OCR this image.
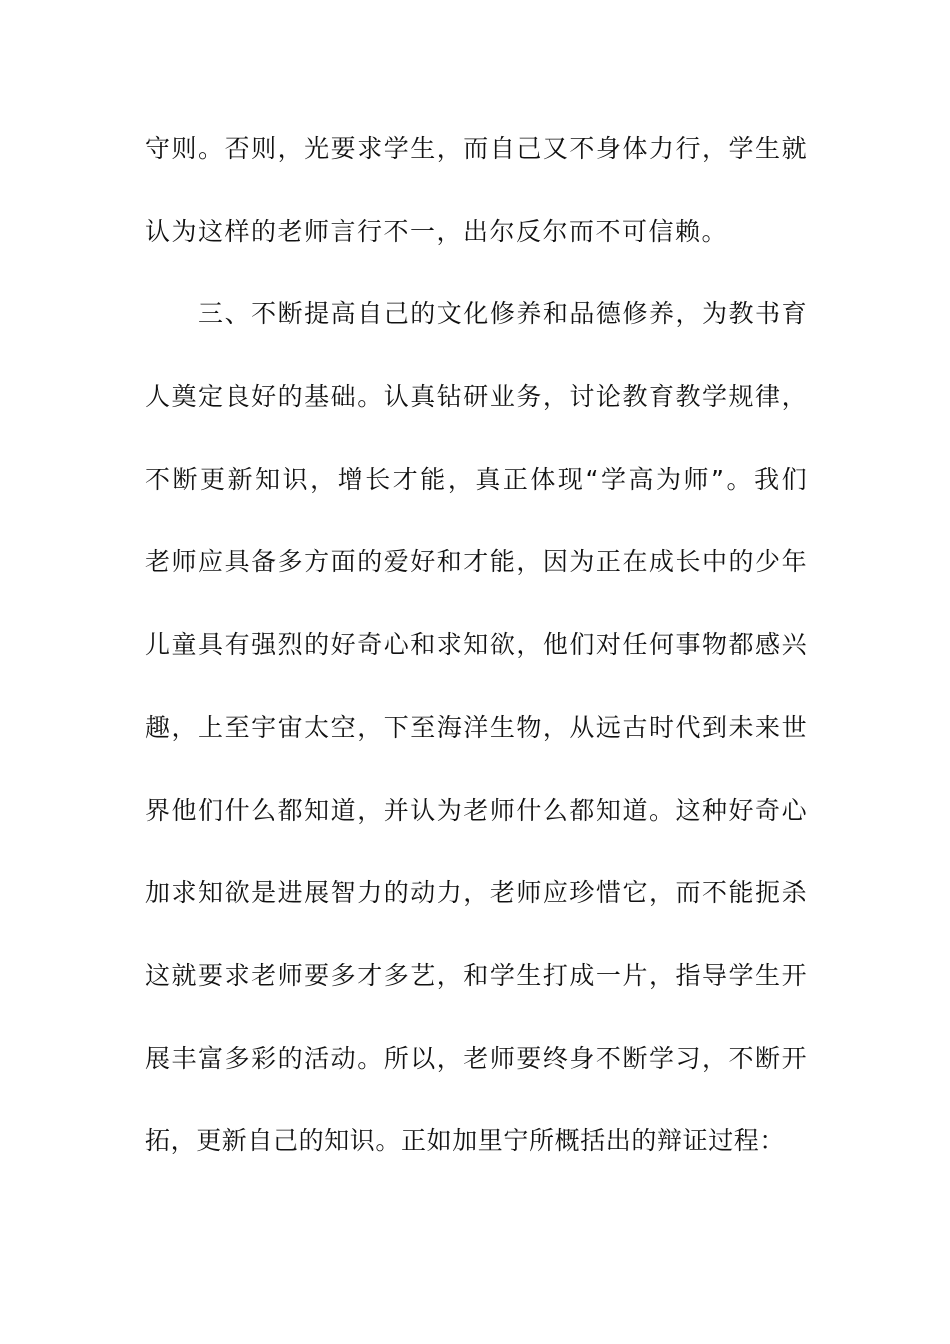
守则。否则，光要求学生，而自己又不身体力行，学生就
认为这样的老师言行不一，出尔反尔而不可信赖。
　　三、不断提高自己的文化修养和品德修养，为教书育
人奠定良好的基础。认真钻研业务，讨论教育教学规律，
不断更新知识，增长才能，真正体现“学高为师”。我们
老师应具备多方面的爱好和才能，因为正在成长中的少年
儿童具有强烈的好奇心和求知欲，他们对任何事物都感兴
趣，上至宇宙太空，下至海洋生物，从远古时代到未来世
界他们什么都知道，并认为老师什么都知道。这种好奇心
加求知欲是进展智力的动力，老师应珍惜它，而不能扼杀
这就要求老师要多才多艺，和学生打成一片，指导学生开
展丰富多彩的活动。所以，老师要终身不断学习，不断开
拓，更新自己的知识。正如加里宁所概括出的辩证过程：
